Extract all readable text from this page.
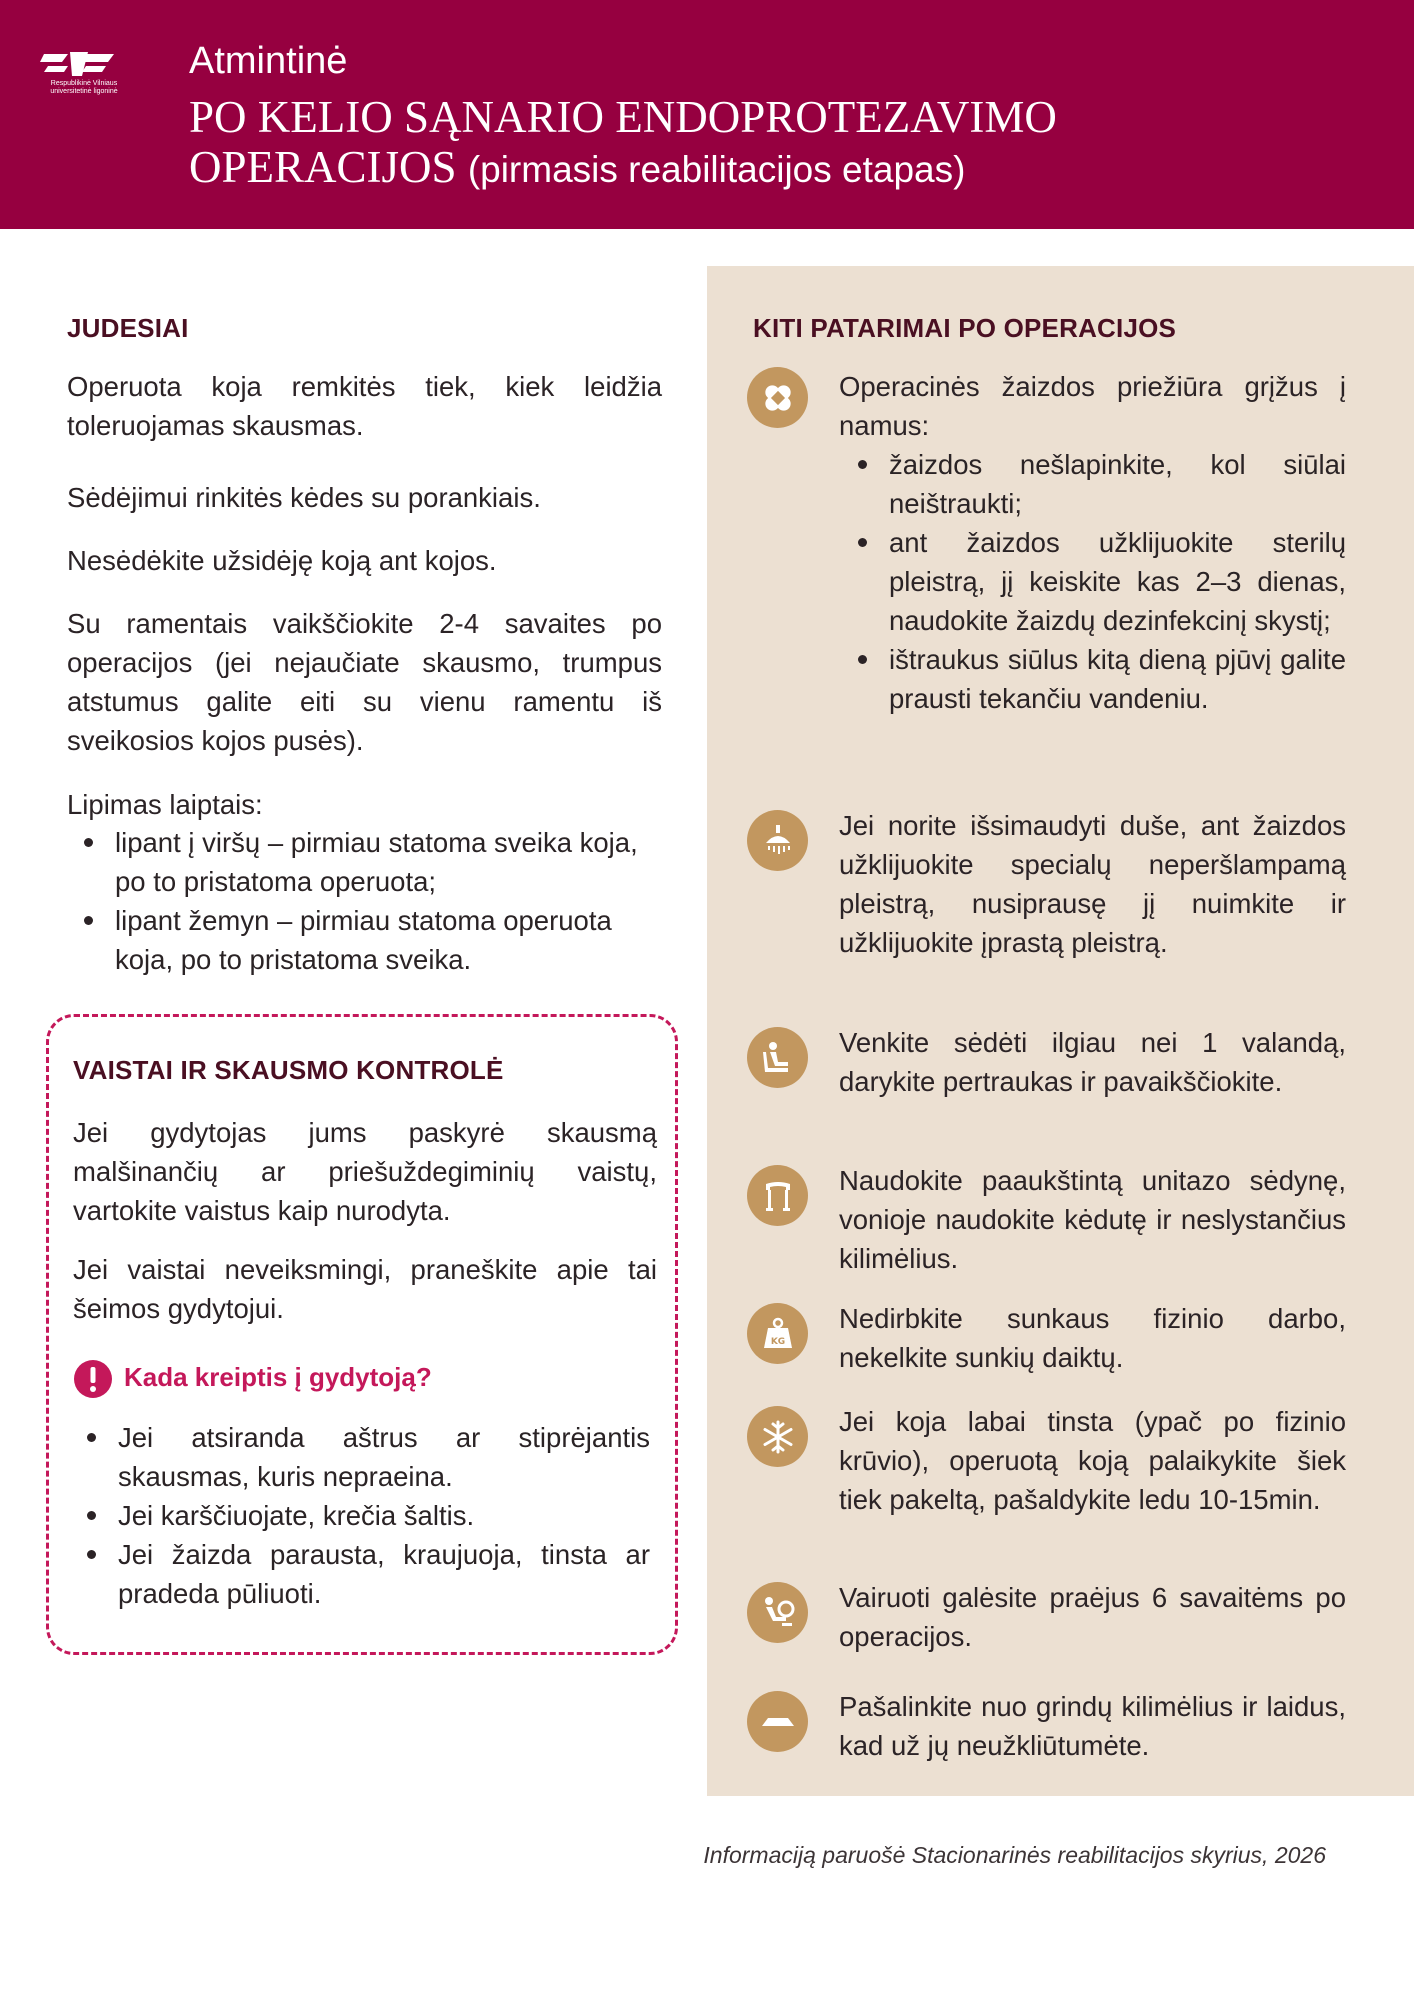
Respublikinė Vilniaus
universitetinė ligoninė
Atmintinė
PO KELIO SĄNARIO ENDOPROTEZAVIMO
OPERACIJOS (pirmasis reabilitacijos etapas)
JUDESIAI
Operuota koja remkitės tiek, kiek leidžia toleruojamas skausmas.
Sėdėjimui rinkitės kėdes su porankiais.
Nesėdėkite užsidėję koją ant kojos.
Su ramentais vaikščiokite 2-4 savaites po operacijos (jei nejaučiate skausmo, trumpus atstumus galite eiti su vienu ramentu iš sveikosios kojos pusės).
Lipimas laiptais:
lipant į viršų – pirmiau statoma sveika koja, po to pristatoma operuota;
lipant žemyn – pirmiau statoma operuota koja, po to pristatoma sveika.
VAISTAI IR SKAUSMO KONTROLĖ
Jei gydytojas jums paskyrė skausmą malšinančių ar priešuždegiminių vaistų, vartokite vaistus kaip nurodyta.
Jei vaistai neveiksmingi, praneškite apie tai šeimos gydytojui.
Kada kreiptis į gydytoją?
Jei atsiranda aštrus ar stiprėjantis skausmas, kuris nepraeina.
Jei karščiuojate, krečia šaltis.
Jei žaizda parausta, kraujuoja, tinsta ar pradeda pūliuoti.
KITI PATARIMAI PO OPERACIJOS
Operacinės žaizdos priežiūra grįžus į namus:
žaizdos nešlapinkite, kol siūlai neištraukti;
ant žaizdos užklijuokite sterilų pleistrą, jį keiskite kas 2–3 dienas, naudokite žaizdų dezinfekcinį skystį;
ištraukus siūlus kitą dieną pjūvį galite prausti tekančiu vandeniu.
Jei norite išsimaudyti duše, ant žaizdos užklijuokite specialų neperšlampamą pleistrą, nusiprausę jį nuimkite ir užklijuokite įprastą pleistrą.
Venkite sėdėti ilgiau nei 1 valandą, darykite pertraukas ir pavaikščiokite.
Naudokite paaukštintą unitazo sėdynę, vonioje naudokite kėdutę ir neslystančius kilimėlius.
KG
Nedirbkite sunkaus fizinio darbo, nekelkite sunkių daiktų.
Jei koja labai tinsta (ypač po fizinio krūvio), operuotą koją palaikykite šiek tiek pakeltą, pašaldykite ledu 10-15min.
Vairuoti galėsite praėjus 6 savaitėms po operacijos.
Pašalinkite nuo grindų kilimėlius ir laidus, kad už jų neužkliūtumėte.
Informaciją paruošė Stacionarinės reabilitacijos skyrius, 2026
